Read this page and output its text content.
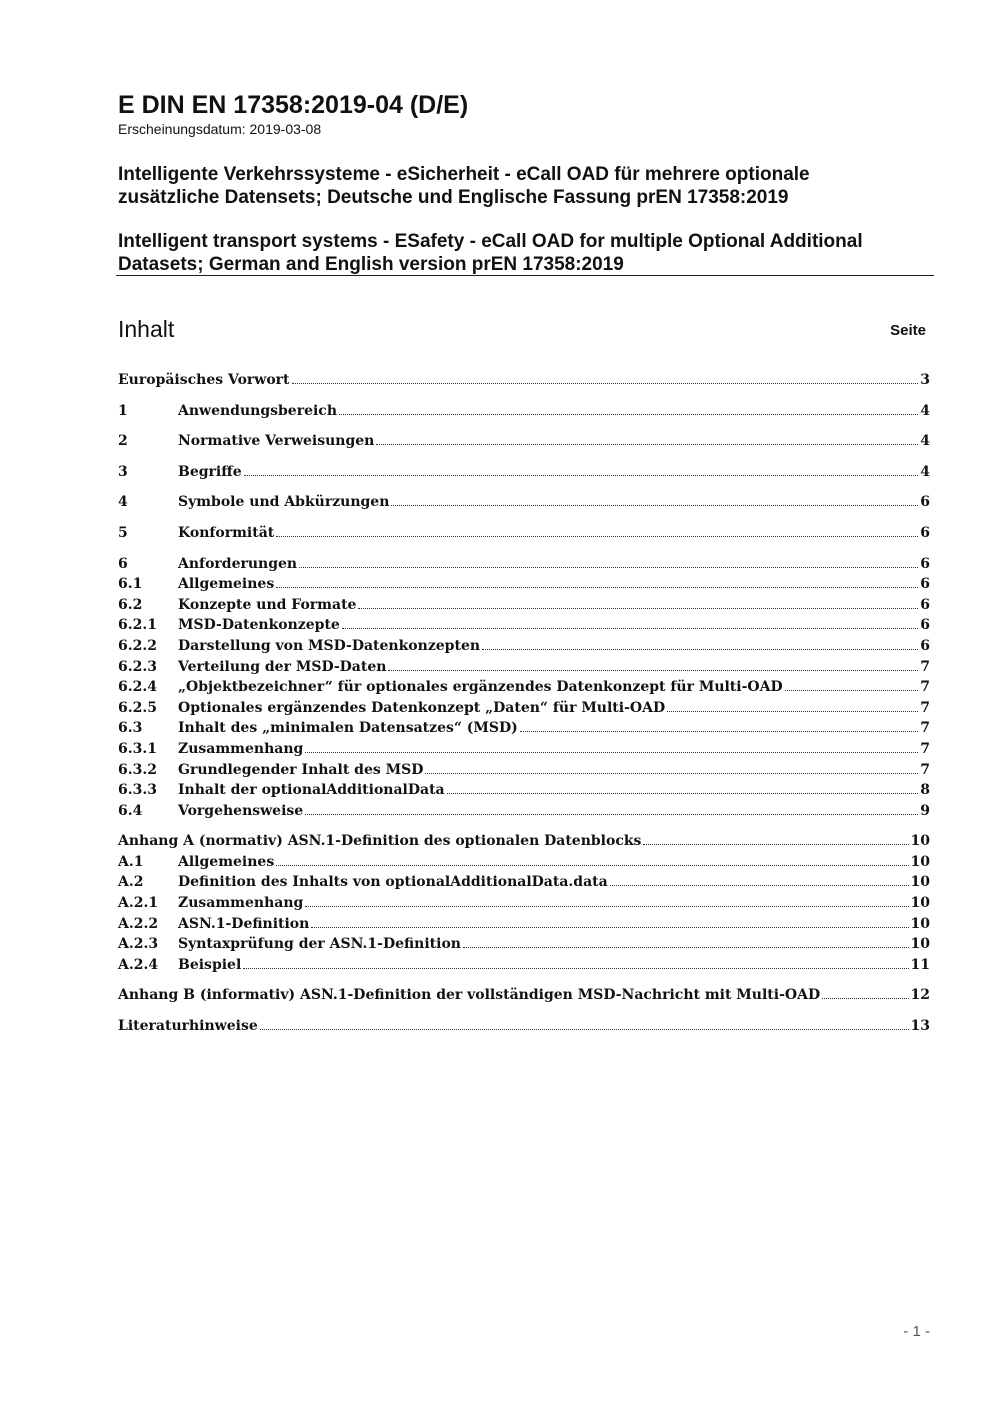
E DIN EN 17358:2019-04 (D/E)

Erscheinungsdatum: 2019-03-08

Intelligente Verkehrssysteme - eSicherheit - eCall OAD für mehrere optionale
zusätzliche Datensets; Deutsche und Englische Fassung prEN 17358:2019
Intelligent transport systems - ESafety - eCall OAD for multiple Optional Additional
Datasets; German and English version prEN 17358:2019
Inhalt	Seite
Europäisches Vorwort	3
1	Anwendungsbereich	4
2	Normative Verweisungen	4
3	Begriffe	4
4	Symbole und Abkürzungen	6
5	Konformität	6
6	Anforderungen	6
6.1	Allgemeines	6
6.2	Konzepte und Formate	6
6.2.1	MSD-Datenkonzepte	6
6.2.2	Darstellung von MSD-Datenkonzepten	6
6.2.3	Verteilung der MSD-Daten	7
6.2.4	„Objektbezeichner“ für optionales ergänzendes Datenkonzept für Multi-OAD	7
6.2.5	Optionales ergänzendes Datenkonzept „Daten“ für Multi-OAD	7
6.3	Inhalt des „minimalen Datensatzes“ (MSD)	7
6.3.1	Zusammenhang	7
6.3.2	Grundlegender Inhalt des MSD	7
6.3.3	Inhalt der optionalAdditionalData	8
6.4	Vorgehensweise	9
Anhang A (normativ) ASN.1-Definition des optionalen Datenblocks	10
A.1	Allgemeines	10
A.2	Definition des Inhalts von optionalAdditionalData.data	10
A.2.1	Zusammenhang	10
A.2.2	ASN.1-Definition	10
A.2.3	Syntaxprüfung der ASN.1-Definition	10
A.2.4	Beispiel	11
Anhang B (informativ) ASN.1-Definition der vollständigen MSD-Nachricht mit Multi-OAD	12
Literaturhinweise	13
- 1 -
